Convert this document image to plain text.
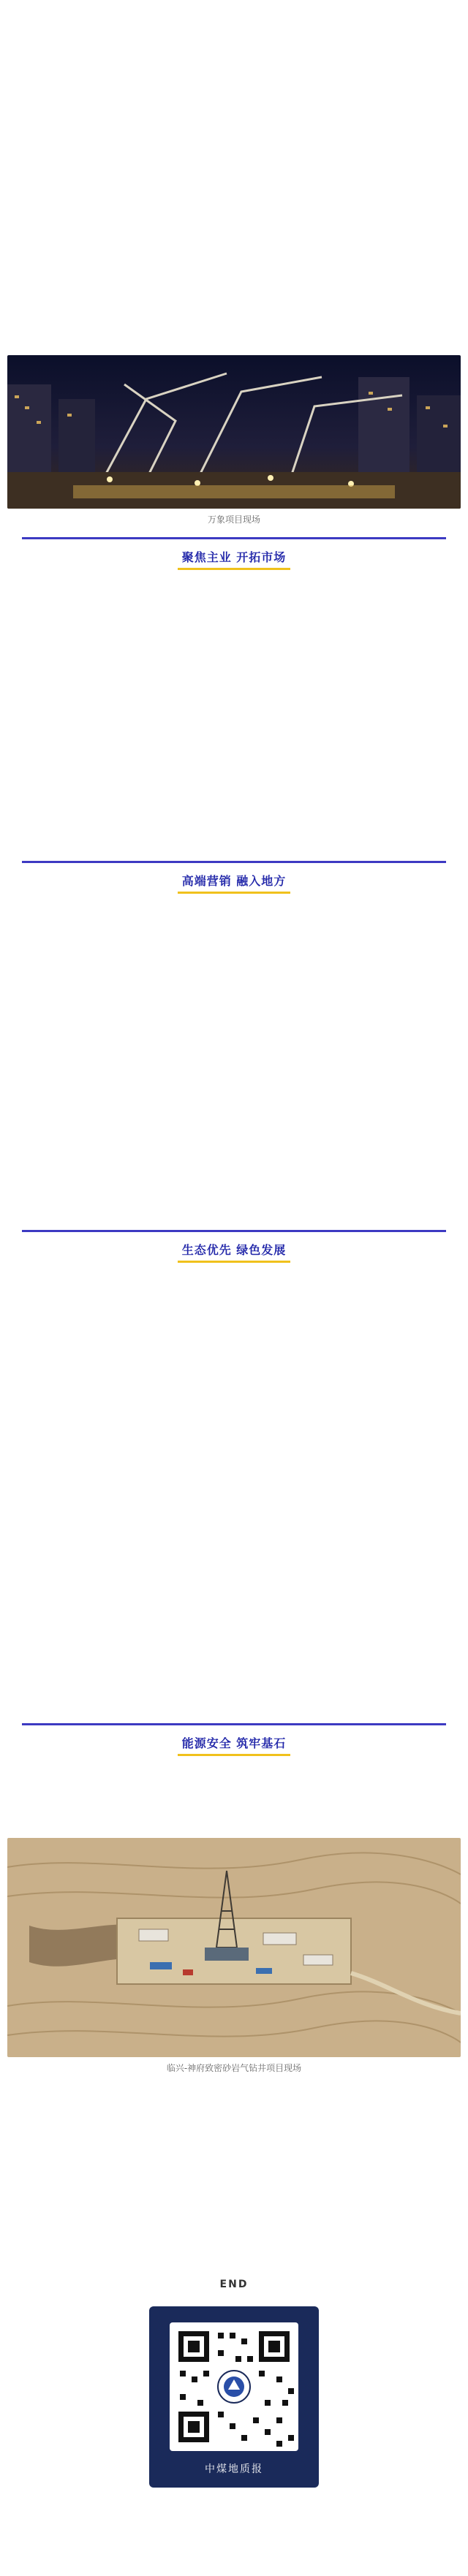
万象项目现场
聚焦主业 开拓市场
高端营销 融入地方
生态优先 绿色发展
能源安全 筑牢基石
临兴-神府致密砂岩气钻井项目现场
END
中煤地质报
